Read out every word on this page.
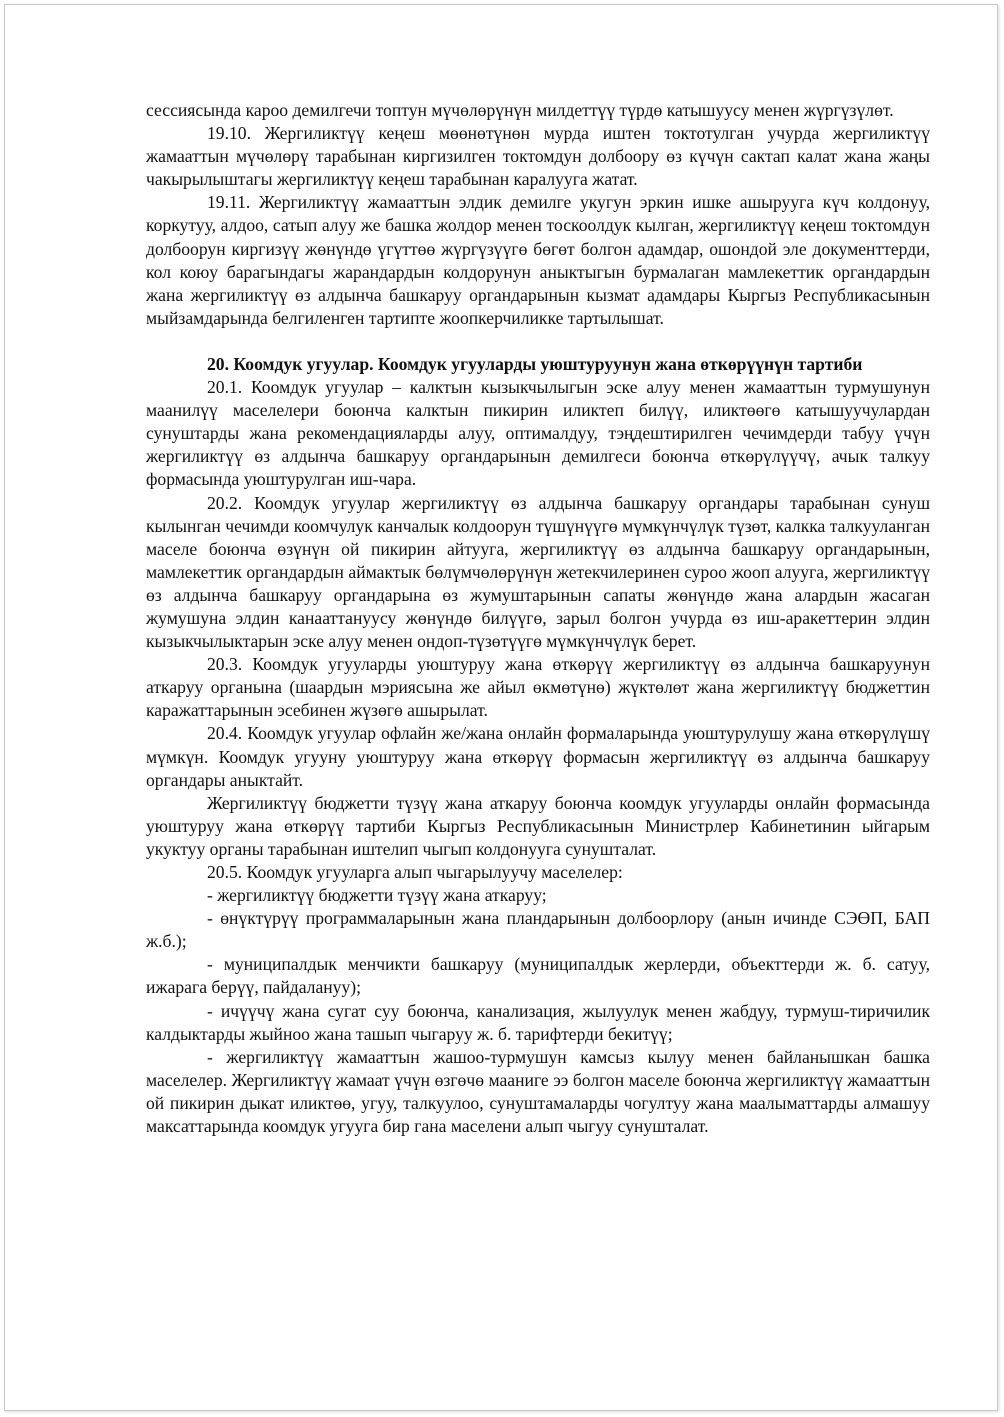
сессиясында кароо демилгечи топтун мүчөлөрүнүн милдеттүү түрдө катышуусу менен жүргүзүлөт.

19.10. Жергиликтүү кеңеш мөөнөтүнөн мурда иштен токтотулган учурда жергиликтүү жамааттын мүчөлөрү тарабынан киргизилген токтомдун долбоору өз күчүн сактап калат жана жаңы чакырылыштагы жергиликтүү кеңеш тарабынан каралууга жатат.

19.11. Жергиликтүү жамааттын элдик демилге укугун эркин ишке ашырууга күч колдонуу, коркутуу, алдоо, сатып алуу же башка жолдор менен тоскоолдук кылган, жергиликтүү кеңеш токтомдун долбоорун киргизүү жөнүндө үгүттөө жүргүзүүгө бөгөт болгон адамдар, ошондой эле документтерди, кол коюу барагындагы жарандардын колдорунун аныктыгын бурмалаган мамлекеттик органдардын жана жергиликтүү өз алдынча башкаруу органдарынын кызмат адамдары Кыргыз Республикасынын мыйзамдарында белгиленген тартипте жоопкерчиликке тартылышат.

20. Коомдук угуулар. Коомдук угууларды уюштуруунун жана өткөрүүнүн тартиби

20.1. Коомдук угуулар – калктын кызыкчылыгын эске алуу менен жамааттын турмушунун маанилүү маселелери боюнча калктын пикирин иликтеп билүү, иликтөөгө катышуучулардан сунуштарды жана рекомендацияларды алуу, оптималдуу, тэңдештирилген чечимдерди табуу үчүн жергиликтүү өз алдынча башкаруу органдарынын демилгеси боюнча өткөрүлүүчү, ачык талкуу формасында уюштурулган иш-чара.

20.2. Коомдук угуулар жергиликтүү өз алдынча башкаруу органдары тарабынан сунуш кылынган чечимди коомчулук канчалык колдоорун түшүнүүгө мүмкүнчүлүк түзөт, калкка талкууланган маселе боюнча өзүнүн ой пикирин айтууга, жергиликтүү өз алдынча башкаруу органдарынын, мамлекеттик органдардын аймактык бөлүмчөлөрүнүн жетекчилеринен суроо жооп алууга, жергиликтүү өз алдынча башкаруу органдарына өз жумуштарынын сапаты жөнүндө жана алардын жасаган жумушуна элдин канааттануусу жөнүндө билүүгө, зарыл болгон учурда өз иш-аракеттерин элдин кызыкчылыктарын эске алуу менен ондоп-түзөтүүгө мүмкүнчүлүк берет.

20.3. Коомдук угууларды уюштуруу жана өткөрүү жергиликтүү өз алдынча башкаруунун аткаруу органына (шаардын мэриясына же айыл өкмөтүнө) жүктөлөт жана жергиликтүү бюджеттин каражаттарынын эсебинен жүзөгө ашырылат.

20.4. Коомдук угуулар офлайн же/жана онлайн формаларында уюштурулушу жана өткөрүлүшү мүмкүн. Коомдук угууну уюштуруу жана өткөрүү формасын жергиликтүү өз алдынча башкаруу органдары аныктайт.

Жергиликтүү бюджетти түзүү жана аткаруу боюнча коомдук угууларды онлайн формасында уюштуруу жана өткөрүү тартиби Кыргыз Республикасынын Министрлер Кабинетинин ыйгарым укуктуу органы тарабынан иштелип чыгып колдонууга сунушталат.

20.5. Коомдук угууларга алып чыгарылуучу маселелер:

- жергиликтүү бюджетти түзүү жана аткаруу;

- өнүктүрүү программаларынын жана пландарынын долбоорлору (анын ичинде СЭӨП, БАП ж.б.);

- муниципалдык менчикти башкаруу (муниципалдык жерлерди, объекттерди ж. б. сатуу, ижарага берүү, пайдалануу);

- ичүүчү жана сугат суу боюнча, канализация, жылуулук менен жабдуу, турмуш-тиричилик калдыктарды жыйноо жана ташып чыгаруу ж. б. тарифтерди бекитүү;

- жергиликтүү жамааттын жашоо-турмушун камсыз кылуу менен байланышкан башка маселелер. Жергиликтүү жамаат үчүн өзгөчө мааниге ээ болгон маселе боюнча жергиликтүү жамааттын ой пикирин дыкат иликтөө, угуу, талкуулоо, сунуштамаларды чогултуу жана маалыматтарды алмашуу максаттарында коомдук угууга бир гана маселени алып чыгуу сунушталат.
